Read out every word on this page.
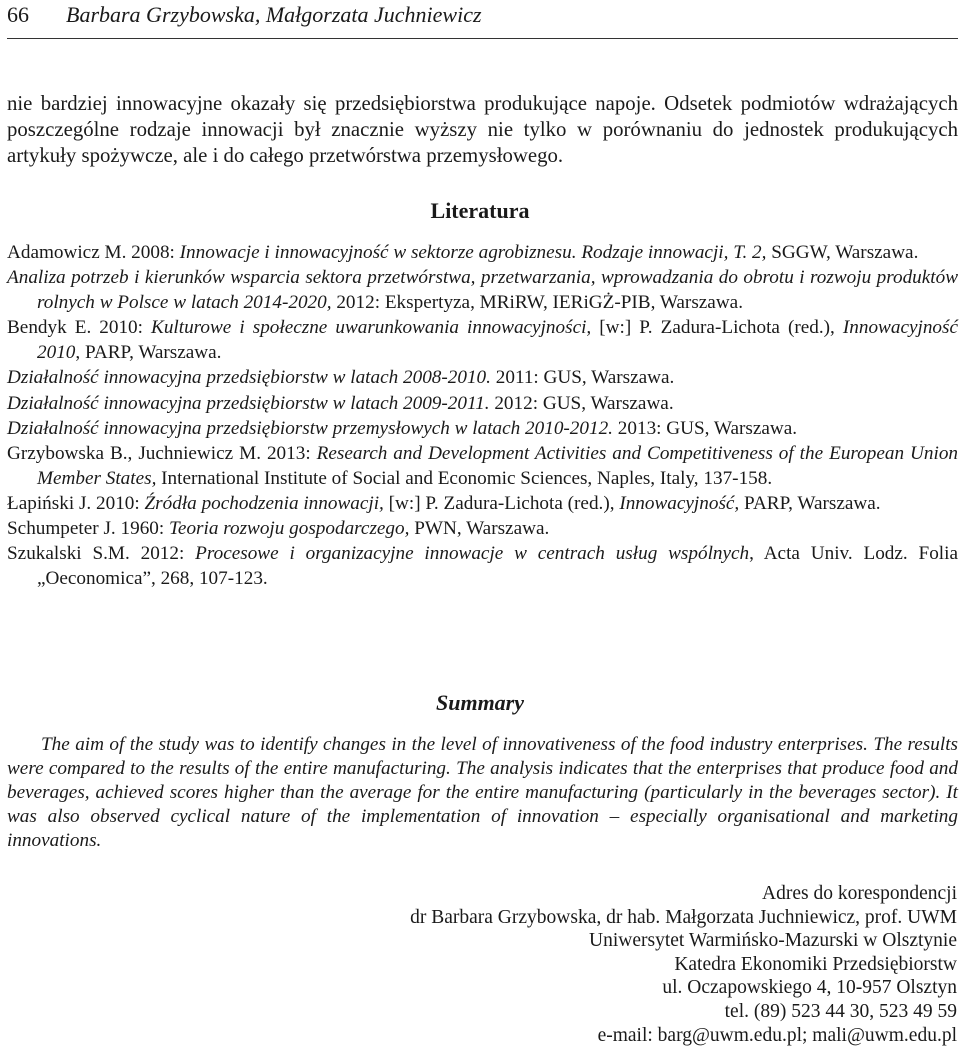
66 Barbara Grzybowska, Małgorzata Juchniewicz

nie bardziej innowacyjne okazały się przedsiębiorstwa produkujące napoje. Odsetek podmiotów wdrażających poszczególne rodzaje innowacji był znacznie wyższy nie tylko w porównaniu do jednostek produkujących artykuły spożywcze, ale i do całego przetwórstwa przemysłowego.

Literatura
Adamowicz M. 2008: Innowacje i innowacyjność w sektorze agrobiznesu. Rodzaje innowacji, T. 2, SGGW, Warszawa.
Analiza potrzeb i kierunków wsparcia sektora przetwórstwa, przetwarzania, wprowadzania do obrotu i rozwoju produktów rolnych w Polsce w latach 2014-2020, 2012: Ekspertyza, MRiRW, IERiGŻ-PIB, Warszawa.
Bendyk E. 2010: Kulturowe i społeczne uwarunkowania innowacyjności, [w:] P. Zadura-Lichota (red.), Innowacyjność 2010, PARP, Warszawa.
Działalność innowacyjna przedsiębiorstw w latach 2008-2010. 2011: GUS, Warszawa.
Działalność innowacyjna przedsiębiorstw w latach 2009-2011. 2012: GUS, Warszawa.
Działalność innowacyjna przedsiębiorstw przemysłowych w latach 2010-2012. 2013: GUS, Warszawa.
Grzybowska B., Juchniewicz M. 2013: Research and Development Activities and Competitiveness of the European Union Member States, International Institute of Social and Economic Sciences, Naples, Italy, 137-158.
Łapiński J. 2010: Źródła pochodzenia innowacji, [w:] P. Zadura-Lichota (red.), Innowacyjność, PARP, Warszawa.
Schumpeter J. 1960: Teoria rozwoju gospodarczego, PWN, Warszawa.
Szukalski S.M. 2012: Procesowe i organizacyjne innowacje w centrach usług wspólnych, Acta Univ. Lodz. Folia „Oeconomica”, 268, 107-123.
Summary

The aim of the study was to identify changes in the level of innovativeness of the food industry enterprises. The results were compared to the results of the entire manufacturing. The analysis indicates that the enterprises that produce food and beverages, achieved scores higher than the average for the entire manufacturing (particularly in the beverages sector). It was also observed cyclical nature of the implementation of innovation – especially organisational and marketing innovations.

Adres do korespondencji
dr Barbara Grzybowska, dr hab. Małgorzata Juchniewicz, prof. UWM
Uniwersytet Warmińsko-Mazurski w Olsztynie
Katedra Ekonomiki Przedsiębiorstw
ul. Oczapowskiego 4, 10-957 Olsztyn
tel. (89) 523 44 30, 523 49 59
e-mail: barg@uwm.edu.pl; mali@uwm.edu.pl
